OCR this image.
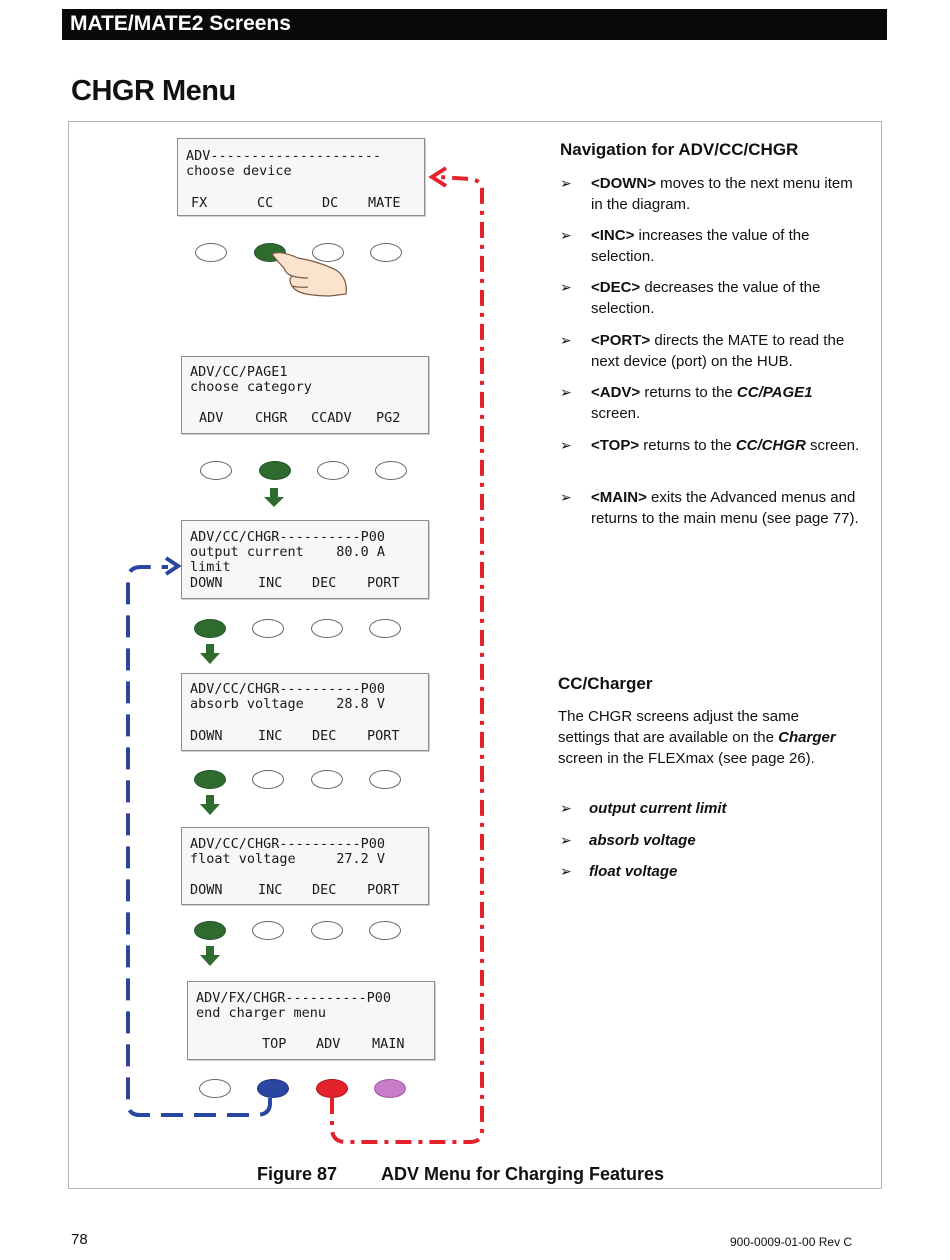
MATE/MATE2 Screens
CHGR Menu
ADV---------------------
choose device
FX	CC	DC MATE
ADV/CC/PAGE1
choose category
ADV CHGR CCADV PG2
ADV/CC/CHGR----------P00
output current    80.0 A
limit
DOWN	INC DEC PORT
ADV/CC/CHGR----------P00
absorb voltage    28.8 V
DOWN	INC DEC PORT
ADV/CC/CHGR----------P00
float voltage     27.2 V
DOWN	INC DEC PORT
ADV/FX/CHGR----------P00
end charger menu
TOP ADV MAIN
Navigation for ADV/CC/CHGR
➢ <DOWN> moves to the next menu item in the diagram.
➢ <INC> increases the value of the selection.
➢ <DEC> decreases the value of the selection.
➢ <PORT> directs the MATE to read the next device (port) on the HUB.
➢ <ADV> returns to the CC/PAGE1 screen.
➢ <TOP> returns to the CC/CHGR screen.
➢ <MAIN> exits the Advanced menus and returns to the main menu (see page 77).
CC/Charger
The CHGR screens adjust the same settings that are available on the Charger screen in the FLEXmax (see page 26).
➢ output current limit
➢ absorb voltage
➢ float voltage
Figure 87 ADV Menu for Charging Features
78	900-0009-01-00 Rev C
